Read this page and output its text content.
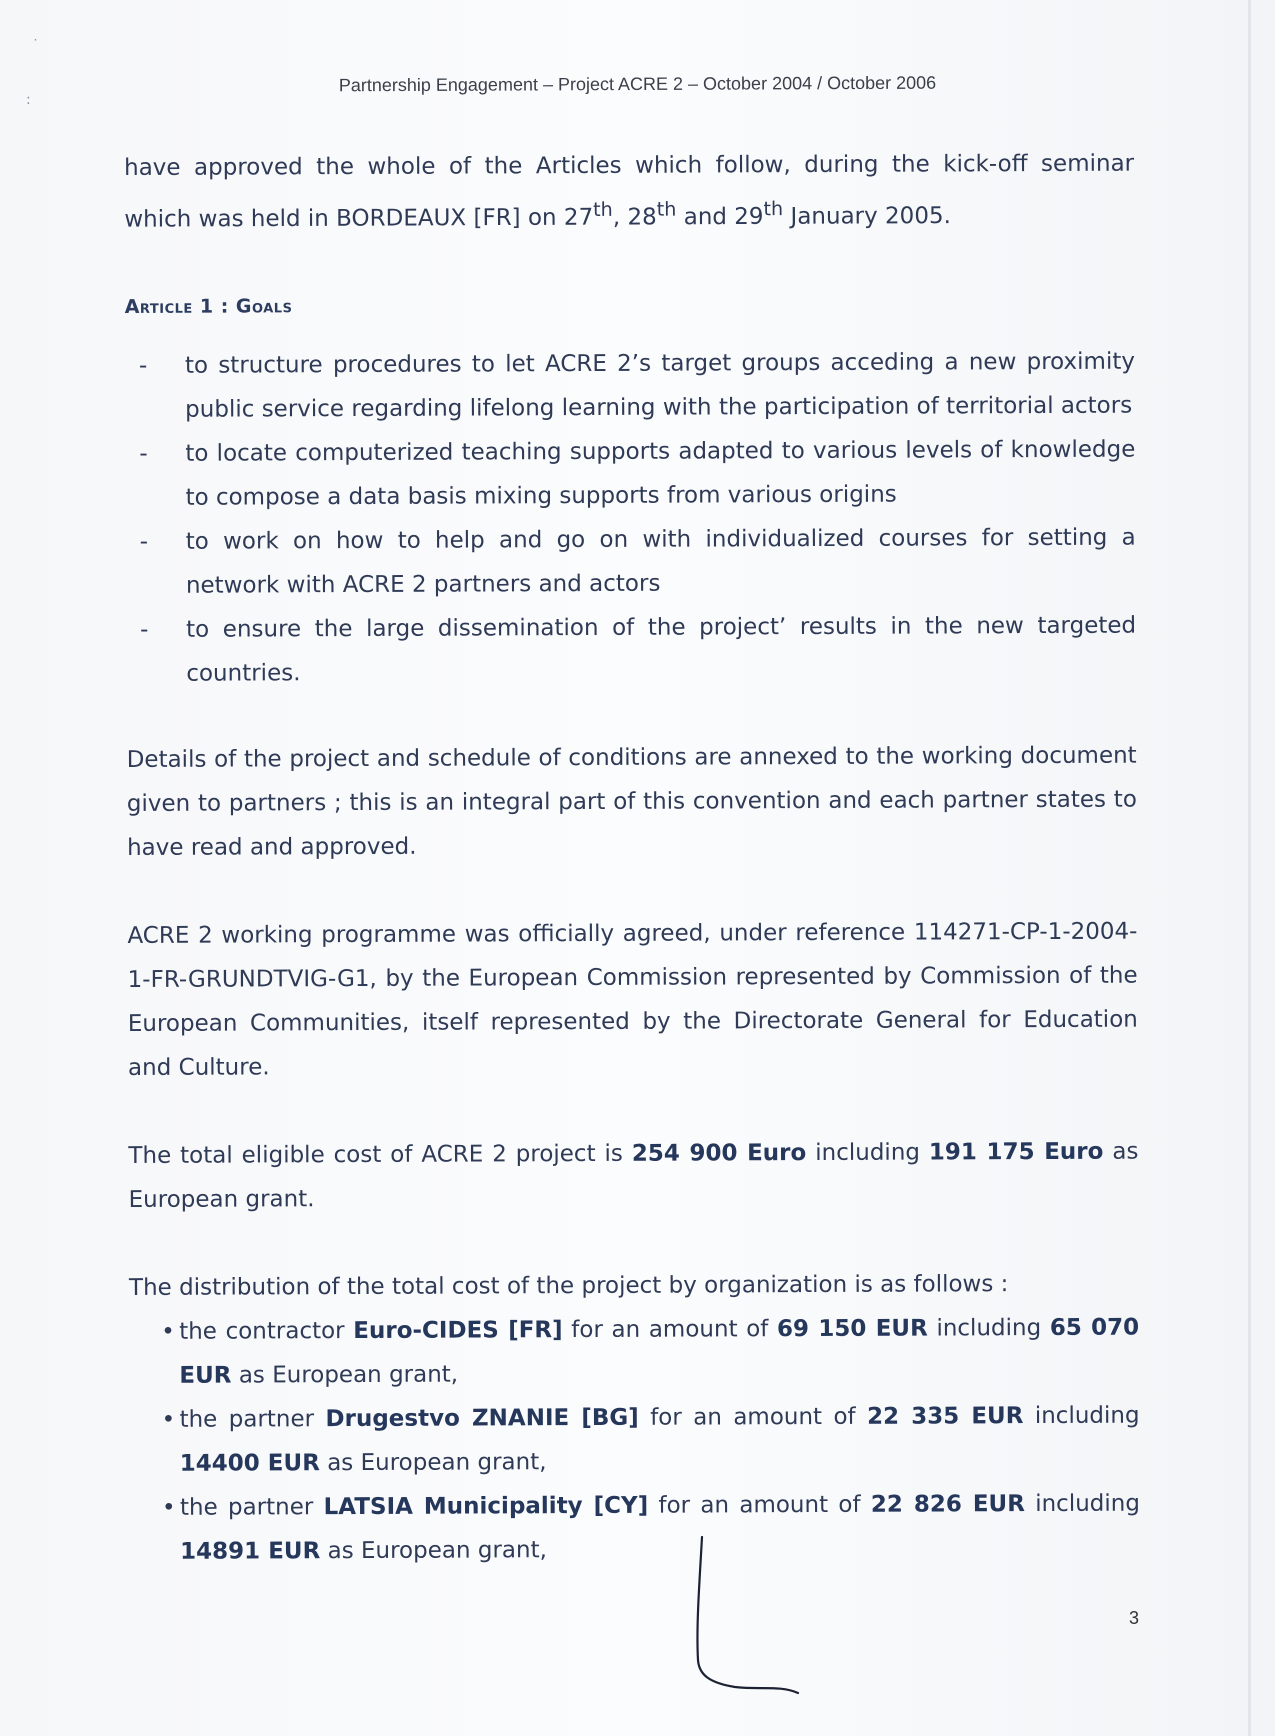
˙
:
Partnership Engagement – Project ACRE 2 – October 2004 / October 2006

have approved the whole of the Articles which follow, during the kick-off seminar which was held in BORDEAUX [FR] on 27th, 28th and 29th January 2005.

Article 1 : Goals
- to structure procedures to let ACRE 2’s target groups acceding a new proximity public service regarding lifelong learning with the participation of territorial actors
- to locate computerized teaching supports adapted to various levels of knowledge to compose a data basis mixing supports from various origins
- to work on how to help and go on with individualized courses for setting a network with ACRE 2 partners and actors
- to ensure the large dissemination of the project’ results in the new targeted countries.

Details of the project and schedule of conditions are annexed to the working document given to partners ; this is an integral part of this convention and each partner states to have read and approved.

ACRE 2 working programme was officially agreed, under reference 114271-CP-1-2004-1-FR-GRUNDTVIG-G1, by the European Commission represented by Commission of the European Communities, itself represented by the Directorate General for Education and Culture.

The total eligible cost of ACRE 2 project is 254 900 Euro including 191 175 Euro as European grant.

The distribution of the total cost of the project by organization is as follows :

• the contractor Euro-CIDES [FR] for an amount of 69 150 EUR including 65 070 EUR as European grant,
• the partner Drugestvo ZNANIE [BG] for an amount of 22 335 EUR including 14400 EUR as European grant,
• the partner LATSIA Municipality [CY] for an amount of 22 826 EUR including 14891 EUR as European grant,
3
